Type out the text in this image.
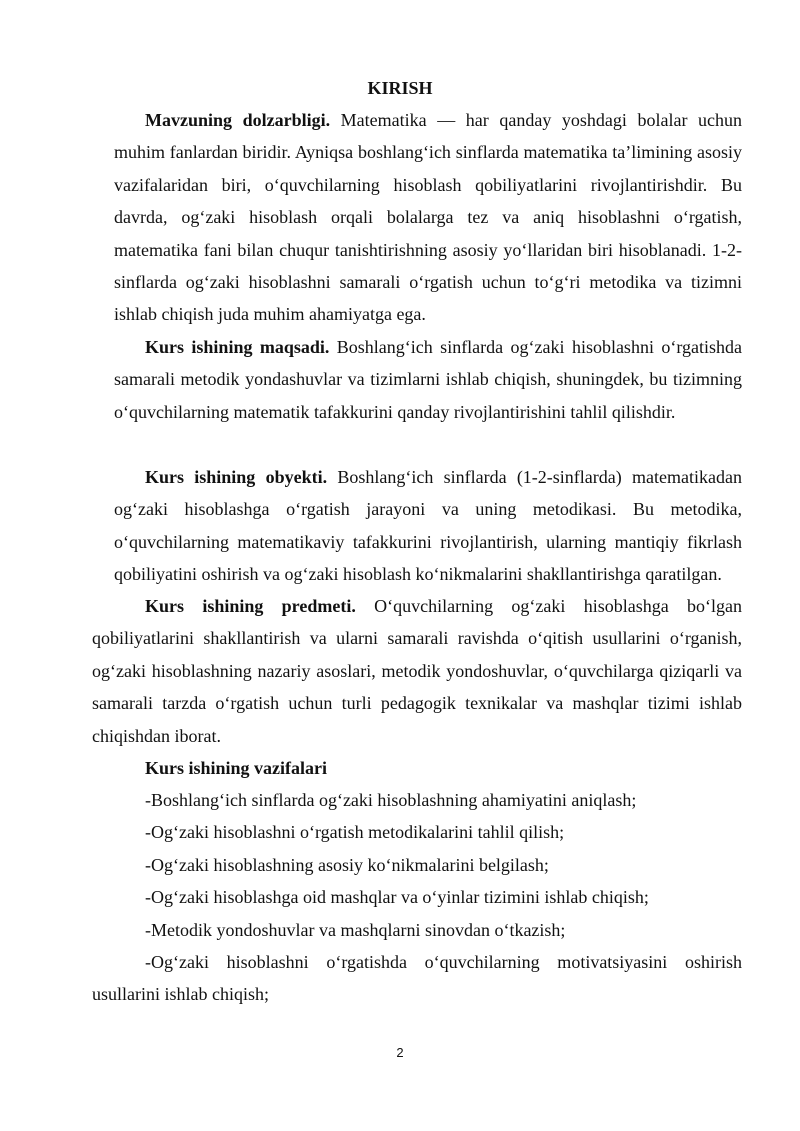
KIRISH
Mavzuning dolzarbligi. Matematika — har qanday yoshdagi bolalar uchun muhim fanlardan biridir. Ayniqsa boshlang‘ich sinflarda matematika ta’limining asosiy vazifalaridan biri, o‘quvchilarning hisoblash qobiliyatlarini rivojlantirishdir. Bu davrda, og‘zaki hisoblash orqali bolalarga tez va aniq hisoblashni o‘rgatish, matematika fani bilan chuqur tanishtirishning asosiy yo‘llaridan biri hisoblanadi. 1-2-sinflarda og‘zaki hisoblashni samarali o‘rgatish uchun to‘g‘ri metodika va tizimni ishlab chiqish juda muhim ahamiyatga ega.
Kurs ishining maqsadi. Boshlang‘ich sinflarda og‘zaki hisoblashni o‘rgatishda samarali metodik yondashuvlar va tizimlarni ishlab chiqish, shuningdek, bu tizimning o‘quvchilarning matematik tafakkurini qanday rivojlantirishini tahlil qilishdir.
Kurs ishining obyekti. Boshlang‘ich sinflarda (1-2-sinflarda) matematikadan og‘zaki hisoblashga o‘rgatish jarayoni va uning metodikasi. Bu metodika, o‘quvchilarning matematikaviy tafakkurini rivojlantirish, ularning mantiqiy fikrlash qobiliyatini oshirish va og‘zaki hisoblash ko‘nikmalarini shakllantirishga qaratilgan.
Kurs ishining predmeti. O‘quvchilarning og‘zaki hisoblashga bo‘lgan qobiliyatlarini shakllantirish va ularni samarali ravishda o‘qitish usullarini o‘rganish, og‘zaki hisoblashning nazariy asoslari, metodik yondoshuvlar, o‘quvchilarga qiziqarli va samarali tarzda o‘rgatish uchun turli pedagogik texnikalar va mashqlar tizimi ishlab chiqishdan iborat.
Kurs ishining vazifalari
-Boshlang‘ich sinflarda og‘zaki hisoblashning ahamiyatini aniqlash;
-Og‘zaki hisoblashni o‘rgatish metodikalarini tahlil qilish;
-Og‘zaki hisoblashning asosiy ko‘nikmalarini belgilash;
-Og‘zaki hisoblashga oid mashqlar va o‘yinlar tizimini ishlab chiqish;
-Metodik yondoshuvlar va mashqlarni sinovdan o‘tkazish;
-Og‘zaki hisoblashni o‘rgatishda o‘quvchilarning motivatsiyasini oshirish usullarini ishlab chiqish;
2
